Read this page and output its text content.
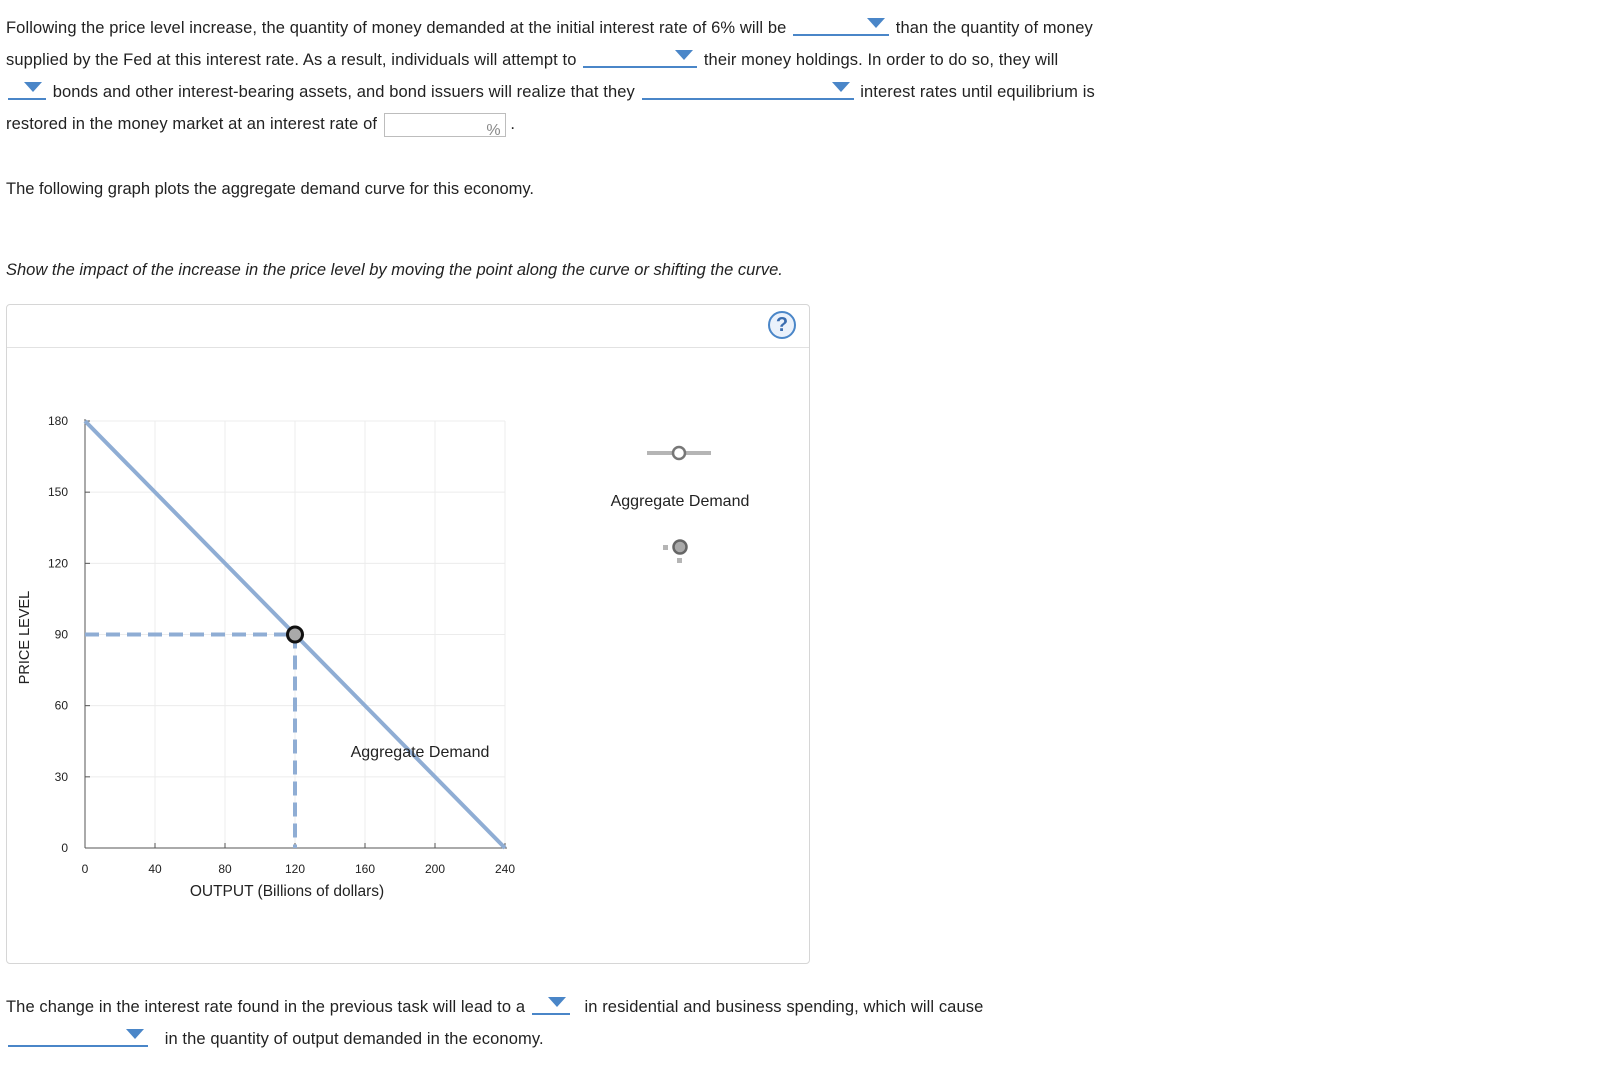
Following the price level increase, the quantity of money demanded at the initial interest rate of 6% will be	than the quantity of money
supplied by the Fed at this interest rate. As a result, individuals will attempt to	their money holdings. In order to do so, they will

bonds and other interest-bearing assets, and bond issuers will realize that they	interest rates until equilibrium is
restored in the money market at an interest rate of	% .
The following graph plots the aggregate demand curve for this economy.
Show the impact of the increase in the price level by moving the point along the curve or shifting the curve.
?
0	40	80	120	160	200	240
0
30
60
90
120
150
180
OUTPUT (Billions of dollars)
PRICE LEVEL
Aggregate Demand
Aggregate Demand
The change in the interest rate found in the previous task will lead to a	in residential and business spending, which will cause

in the quantity of output demanded in the economy.
